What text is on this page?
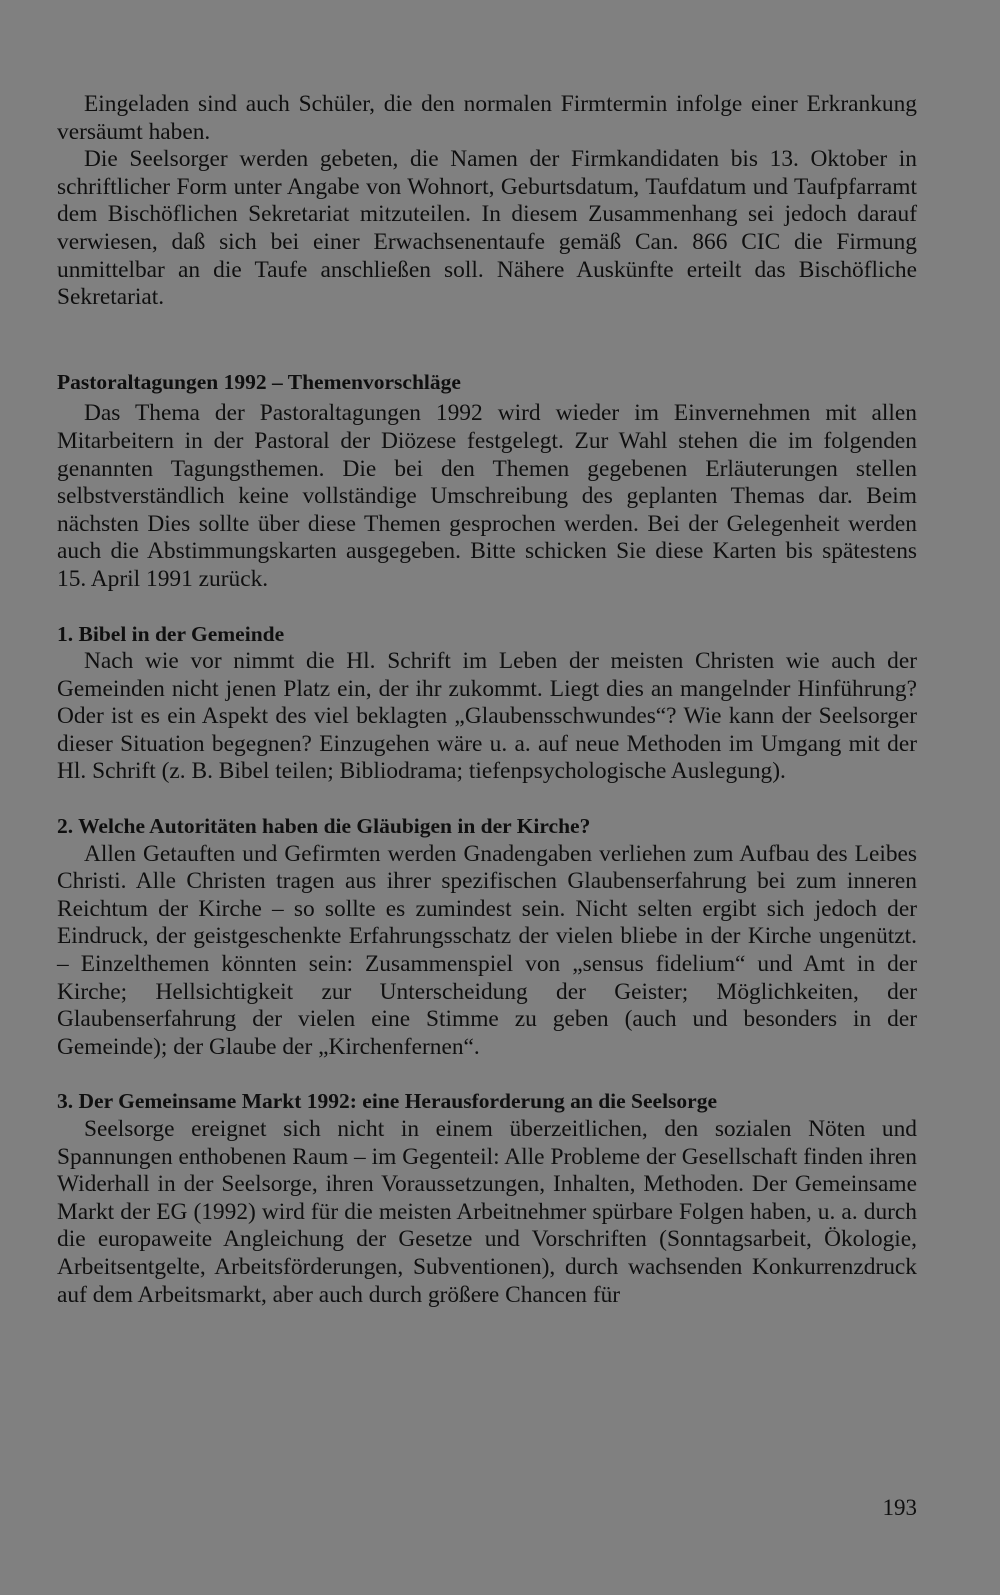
Eingeladen sind auch Schüler, die den normalen Firmtermin infolge einer Erkrankung versäumt haben.

Die Seelsorger werden gebeten, die Namen der Firmkandidaten bis 13. Oktober in schriftlicher Form unter Angabe von Wohnort, Geburtsdatum, Taufdatum und Taufpfarramt dem Bischöflichen Sekretariat mitzuteilen. In diesem Zusammenhang sei jedoch darauf verwiesen, daß sich bei einer Erwachsenentaufe gemäß Can. 866 CIC die Firmung unmittelbar an die Taufe anschließen soll. Nähere Auskünfte erteilt das Bischöfliche Sekretariat.

Pastoraltagungen 1992 – Themenvorschläge

Das Thema der Pastoraltagungen 1992 wird wieder im Einvernehmen mit allen Mitarbeitern in der Pastoral der Diözese festgelegt. Zur Wahl stehen die im folgenden genannten Tagungsthemen. Die bei den Themen gegebenen Erläuterungen stellen selbstverständlich keine vollständige Umschreibung des geplanten Themas dar. Beim nächsten Dies sollte über diese Themen gesprochen werden. Bei der Gelegenheit werden auch die Abstimmungskarten ausgegeben. Bitte schicken Sie diese Karten bis spätestens 15. April 1991 zurück.

1. Bibel in der Gemeinde

Nach wie vor nimmt die Hl. Schrift im Leben der meisten Christen wie auch der Gemeinden nicht jenen Platz ein, der ihr zukommt. Liegt dies an mangelnder Hinführung? Oder ist es ein Aspekt des viel beklagten „Glaubensschwundes“? Wie kann der Seelsorger dieser Situation begegnen? Einzugehen wäre u. a. auf neue Methoden im Umgang mit der Hl. Schrift (z. B. Bibel teilen; Bibliodrama; tiefenpsychologische Auslegung).

2. Welche Autoritäten haben die Gläubigen in der Kirche?

Allen Getauften und Gefirmten werden Gnadengaben verliehen zum Aufbau des Leibes Christi. Alle Christen tragen aus ihrer spezifischen Glaubenserfahrung bei zum inneren Reichtum der Kirche – so sollte es zumindest sein. Nicht selten ergibt sich jedoch der Eindruck, der geistgeschenkte Erfahrungsschatz der vielen bliebe in der Kirche ungenützt. – Einzelthemen könnten sein: Zusammenspiel von „sensus fidelium“ und Amt in der Kirche; Hellsichtigkeit zur Unterscheidung der Geister; Möglichkeiten, der Glaubenserfahrung der vielen eine Stimme zu geben (auch und besonders in der Gemeinde); der Glaube der „Kirchenfernen“.

3. Der Gemeinsame Markt 1992: eine Herausforderung an die Seelsorge

Seelsorge ereignet sich nicht in einem überzeitlichen, den sozialen Nöten und Spannungen enthobenen Raum – im Gegenteil: Alle Probleme der Gesellschaft finden ihren Widerhall in der Seelsorge, ihren Voraussetzungen, Inhalten, Methoden. Der Gemeinsame Markt der EG (1992) wird für die meisten Arbeitnehmer spürbare Folgen haben, u. a. durch die europaweite Angleichung der Gesetze und Vorschriften (Sonntagsarbeit, Ökologie, Arbeitsentgelte, Arbeitsförderungen, Subventionen), durch wachsenden Konkurrenzdruck auf dem Arbeitsmarkt, aber auch durch größere Chancen für

193
